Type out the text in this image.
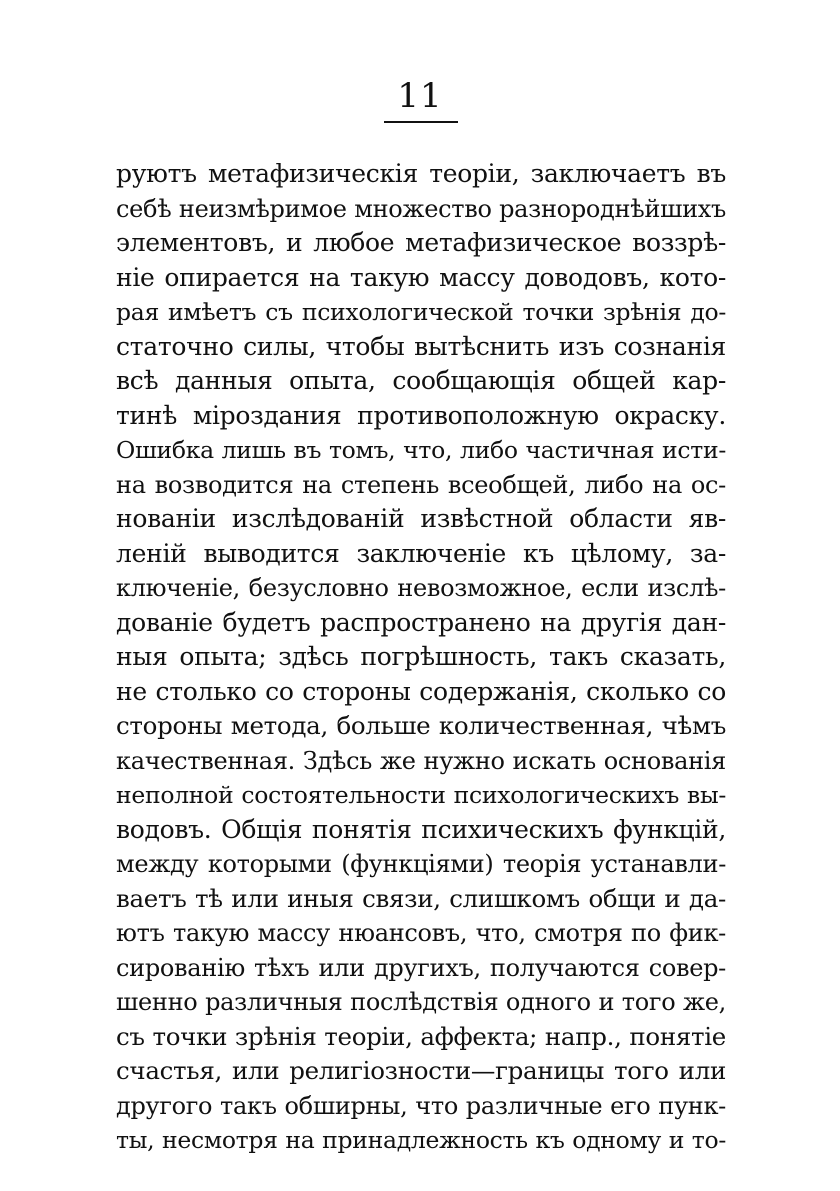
11
руютъ метафизическія теоріи, заключаетъ въ
себѣ неизмѣримое множество разнороднѣйшихъ
элементовъ, и любое метафизическое воззрѣ-
ніе опирается на такую массу доводовъ, кото-
рая имѣетъ съ психологической точки зрѣнія до-
статочно силы, чтобы вытѣснить изъ сознанія
всѣ данныя опыта, сообщающія общей кар-
тинѣ міроздания противоположную окраску.
Ошибка лишь въ томъ, что, либо частичная исти-
на возводится на степень всеобщей, либо на ос-
нованіи изслѣдованій извѣстной области яв-
леній выводится заключеніе къ цѣлому, за-
ключеніе, безусловно невозможное, если изслѣ-
дованіе будетъ распространено на другія дан-
ныя опыта; здѣсь погрѣшность, такъ сказать,
не столько со стороны содержанія, сколько со
стороны метода, больше количественная, чѣмъ
качественная. Здѣсь же нужно искать основанія
неполной состоятельности психологическихъ вы-
водовъ. Общія понятія психическихъ функцій,
между которыми (функціями) теорія устанавли-
ваетъ тѣ или иныя связи, слишкомъ общи и да-
ютъ такую массу нюансовъ, что, смотря по фик-
сированію тѣхъ или другихъ, получаются совер-
шенно различныя послѣдствія одного и того же,
съ точки зрѣнія теоріи, аффекта; напр., понятіе
счастья, или религіозности—границы того или
другого такъ обширны, что различные его пунк-
ты, несмотря на принадлежность къ одному и то-
